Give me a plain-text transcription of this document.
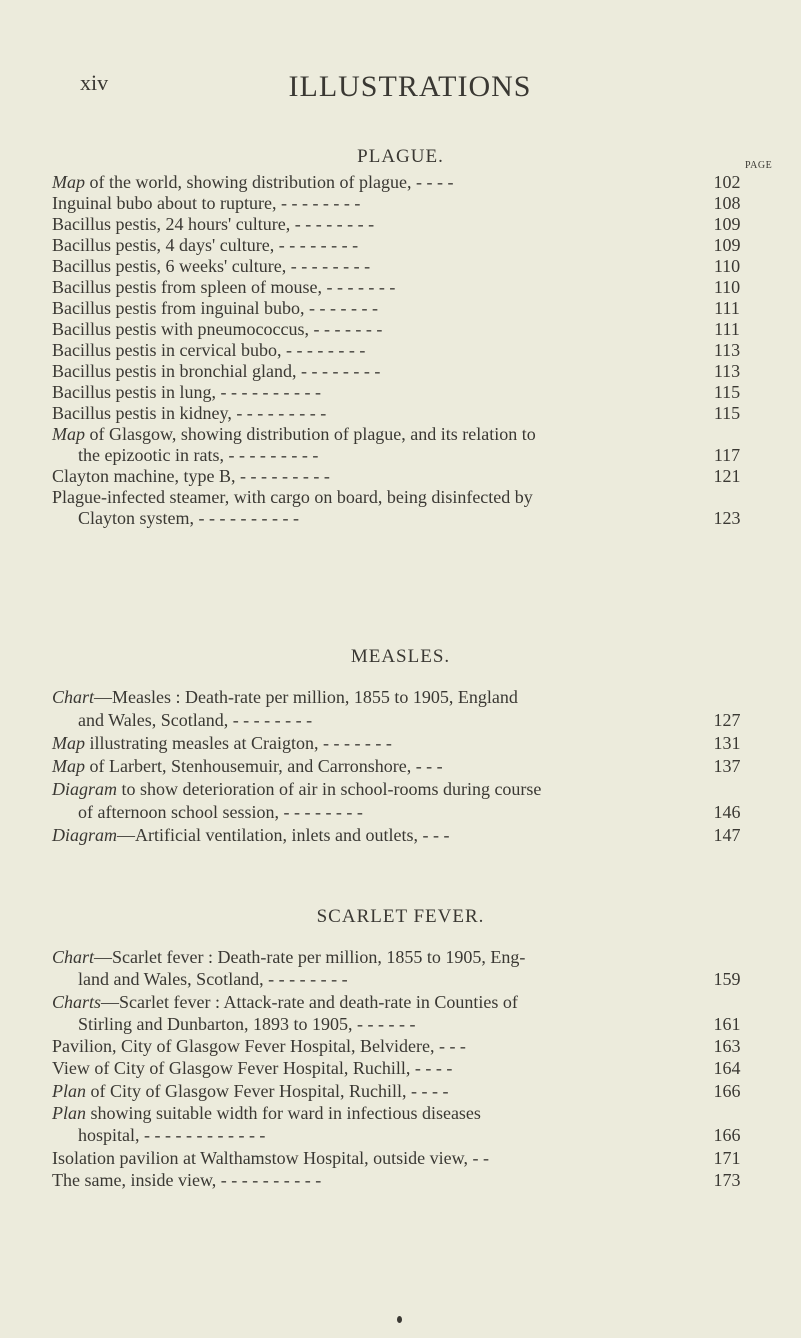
xiv	ILLUSTRATIONS
PLAGUE.	PAGE
Map of the world, showing distribution of plague, - - - -	102
Inguinal bubo about to rupture, - - - - - - - -	108
Bacillus pestis, 24 hours' culture, - - - - - - - -	109
Bacillus pestis, 4 days' culture, - - - - - - - -	109
Bacillus pestis, 6 weeks' culture, - - - - - - - -	110
Bacillus pestis from spleen of mouse, - - - - - - -	110
Bacillus pestis from inguinal bubo, - - - - - - -	111
Bacillus pestis with pneumococcus, - - - - - - -	111
Bacillus pestis in cervical bubo, - - - - - - - -	113
Bacillus pestis in bronchial gland, - - - - - - - -	113
Bacillus pestis in lung, - - - - - - - - - -	115
Bacillus pestis in kidney, - - - - - - - - -	115
Map of Glasgow, showing distribution of plague, and its relation to
the epizootic in rats, - - - - - - - - -	117
Clayton machine, type B, - - - - - - - - -	121
Plague-infected steamer, with cargo on board, being disinfected by
Clayton system, - - - - - - - - - -	123
MEASLES.
Chart—Measles : Death-rate per million, 1855 to 1905, England
and Wales, Scotland, - - - - - - - -	127
Map illustrating measles at Craigton, - - - - - - -	131
Map of Larbert, Stenhousemuir, and Carronshore, - - -	137
Diagram to show deterioration of air in school-rooms during course
of afternoon school session, - - - - - - - -	146
Diagram—Artificial ventilation, inlets and outlets, - - -	147
SCARLET FEVER.
Chart—Scarlet fever : Death-rate per million, 1855 to 1905, Eng-
land and Wales, Scotland, - - - - - - - -	159
Charts—Scarlet fever : Attack-rate and death-rate in Counties of
Stirling and Dunbarton, 1893 to 1905, - - - - - -	161
Pavilion, City of Glasgow Fever Hospital, Belvidere, - - -	163
View of City of Glasgow Fever Hospital, Ruchill, - - - -	164
Plan of City of Glasgow Fever Hospital, Ruchill, - - - -	166
Plan showing suitable width for ward in infectious diseases
hospital, - - - - - - - - - - - -	166
Isolation pavilion at Walthamstow Hospital, outside view, - -	171
The same, inside view, - - - - - - - - - -	173
